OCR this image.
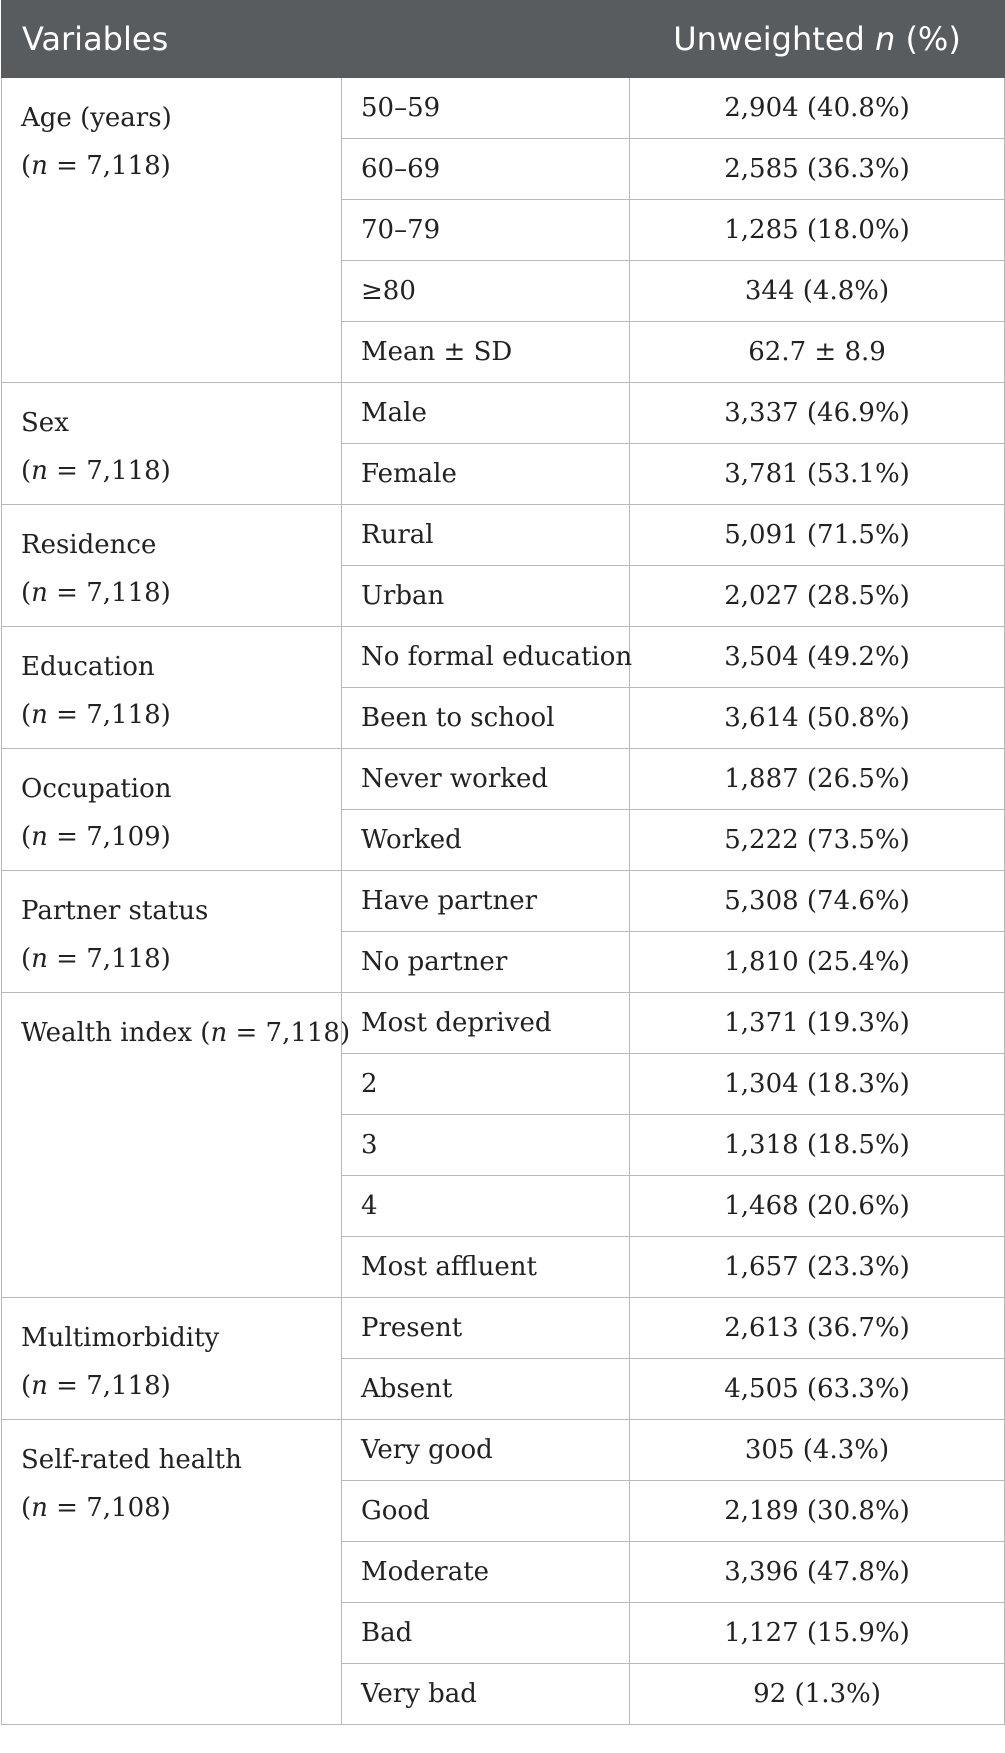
Variables		Unweighted n (%)

Age (years)
(n = 7,118)	50–59	2,904 (40.8%)
	60–69	2,585 (36.3%)
	70–79	1,285 (18.0%)
	≥80	344 (4.8%)
	Mean ± SD	62.7 ± 8.9

Sex
(n = 7,118)	Male	3,337 (46.9%)
	Female	3,781 (53.1%)

Residence
(n = 7,118)	Rural	5,091 (71.5%)
	Urban	2,027 (28.5%)

Education
(n = 7,118)	No formal education	3,504 (49.2%)
	Been to school	3,614 (50.8%)

Occupation
(n = 7,109)	Never worked	1,887 (26.5%)
	Worked	5,222 (73.5%)

Partner status
(n = 7,118)	Have partner	5,308 (74.6%)
	No partner	1,810 (25.4%)
Wealth index (n = 7,118)	Most deprived	1,371 (19.3%)
	2	1,304 (18.3%)
	3	1,318 (18.5%)
	4	1,468 (20.6%)
	Most affluent	1,657 (23.3%)

Multimorbidity
(n = 7,118)	Present	2,613 (36.7%)
	Absent	4,505 (63.3%)

Self-rated health
(n = 7,108)	Very good	305 (4.3%)
	Good	2,189 (30.8%)
	Moderate	3,396 (47.8%)
	Bad	1,127 (15.9%)
	Very bad	92 (1.3%)
